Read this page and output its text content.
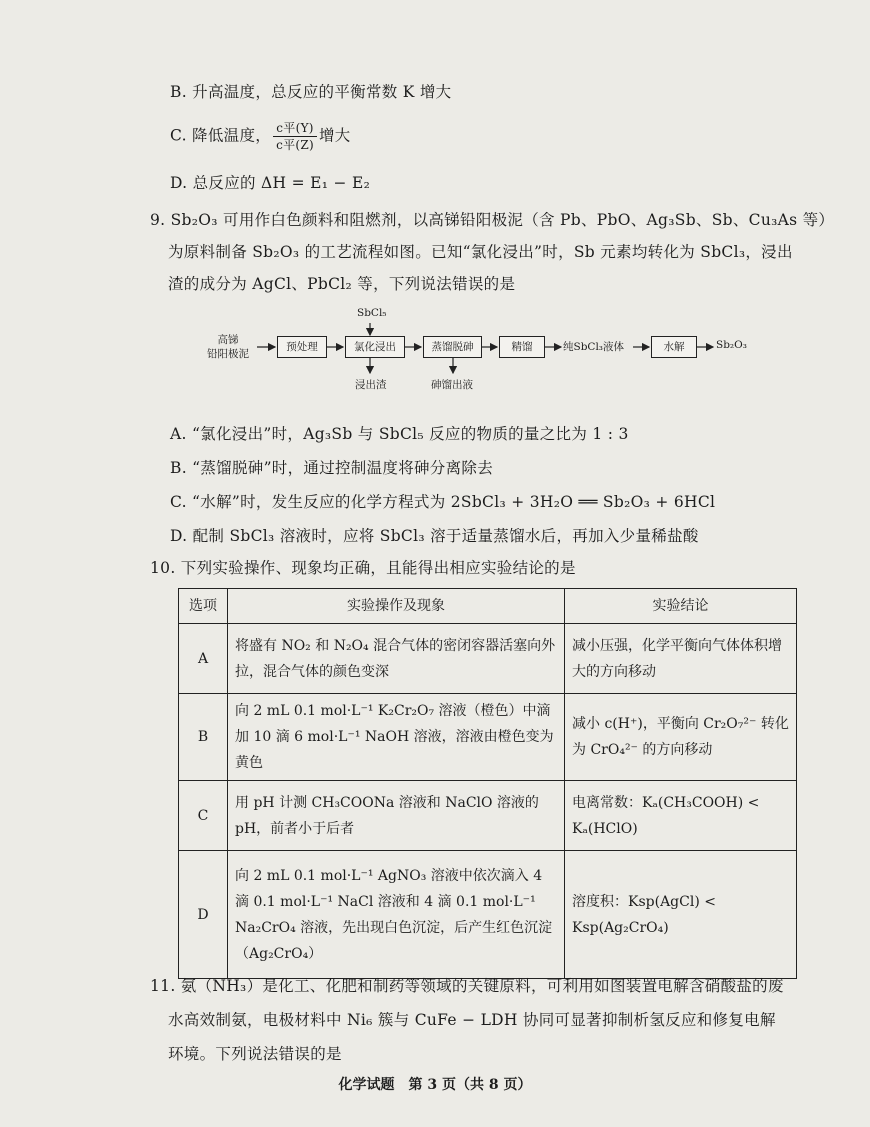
B. 升高温度，总反应的平衡常数 K 增大
C. 降低温度， $\frac{\text{c平(Y)}}{\text{c平(Z)}}$ 增大
D. 总反应的 ΔH = E₁ − E₂
9. Sb₂O₃ 可用作白色颜料和阻燃剂，以高锑铅阳极泥（含 Pb、PbO、Ag₃Sb、Sb、Cu₃As 等）
为原料制备 Sb₂O₃ 的工艺流程如图。已知“氯化浸出”时，Sb 元素均转化为 SbCl₃，浸出
渣的成分为 AgCl、PbCl₂ 等，下列说法错误的是
高锑
铅阳极泥
SbCl₅
预处理	氯化浸出	蒸馏脱砷	精馏	纯SbCl₃液体	水解	Sb₂O₃
浸出渣	砷馏出液
A. “氯化浸出”时，Ag₃Sb 与 SbCl₅ 反应的物质的量之比为 1 : 3
B. “蒸馏脱砷”时，通过控制温度将砷分离除去
C. “水解”时，发生反应的化学方程式为 2SbCl₃ + 3H₂O ══ Sb₂O₃ + 6HCl
D. 配制 SbCl₃ 溶液时，应将 SbCl₃ 溶于适量蒸馏水后，再加入少量稀盐酸
10. 下列实验操作、现象均正确，且能得出相应实验结论的是
选项	实验操作及现象	实验结论
A	将盛有 NO₂ 和 N₂O₄ 混合气体的密闭容器活塞向外拉，混合气体的颜色变深	减小压强，化学平衡向气体体积增大的方向移动
B	向 2 mL 0.1 mol·L⁻¹ K₂Cr₂O₇ 溶液（橙色）中滴加 10 滴 6 mol·L⁻¹ NaOH 溶液，溶液由橙色变为黄色	减小 c(H⁺)，平衡向 Cr₂O₇²⁻ 转化为 CrO₄²⁻ 的方向移动
C	用 pH 计测 CH₃COONa 溶液和 NaClO 溶液的 pH，前者小于后者	电离常数：Kₐ(CH₃COOH) < Kₐ(HClO)
D	向 2 mL 0.1 mol·L⁻¹ AgNO₃ 溶液中依次滴入 4 滴 0.1 mol·L⁻¹ NaCl 溶液和 4 滴 0.1 mol·L⁻¹ Na₂CrO₄ 溶液，先出现白色沉淀，后产生红色沉淀（Ag₂CrO₄）	溶度积：Ksp(AgCl) < Ksp(Ag₂CrO₄)
11. 氨（NH₃）是化工、化肥和制药等领域的关键原料，可利用如图装置电解含硝酸盐的废
水高效制氨，电极材料中 Ni₆ 簇与 CuFe − LDH 协同可显著抑制析氢反应和修复电解
环境。下列说法错误的是
化学试题　第 3 页（共 8 页）
